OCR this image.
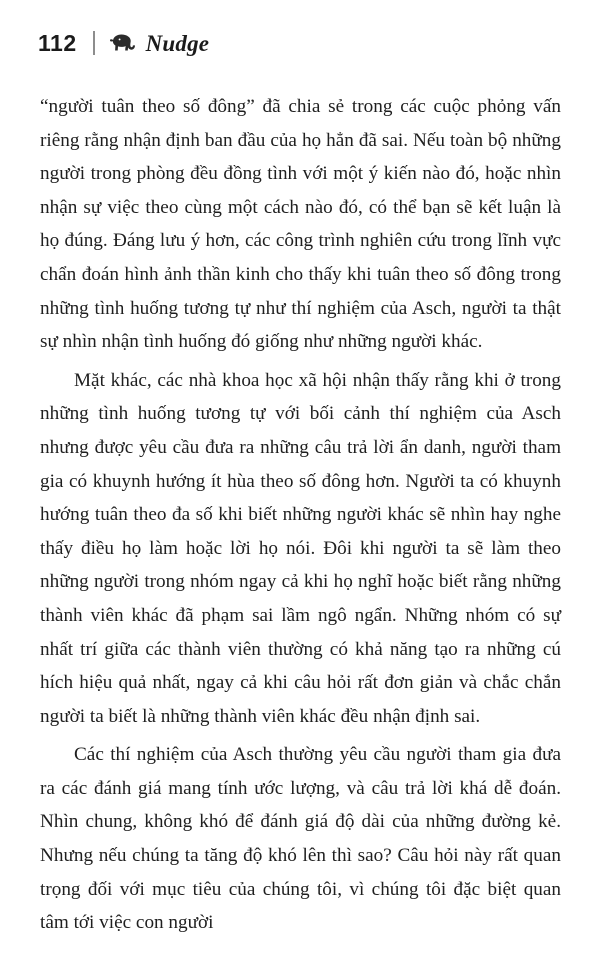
112	Nudge

“người tuân theo số đông” đã chia sẻ trong các cuộc phỏng vấn riêng rằng nhận định ban đầu của họ hẳn đã sai. Nếu toàn bộ những người trong phòng đều đồng tình với một ý kiến nào đó, hoặc nhìn nhận sự việc theo cùng một cách nào đó, có thể bạn sẽ kết luận là họ đúng. Đáng lưu ý hơn, các công trình nghiên cứu trong lĩnh vực chẩn đoán hình ảnh thần kinh cho thấy khi tuân theo số đông trong những tình huống tương tự như thí nghiệm của Asch, người ta thật sự nhìn nhận tình huống đó giống như những người khác.

Mặt khác, các nhà khoa học xã hội nhận thấy rằng khi ở trong những tình huống tương tự với bối cảnh thí nghiệm của Asch nhưng được yêu cầu đưa ra những câu trả lời ẩn danh, người tham gia có khuynh hướng ít hùa theo số đông hơn. Người ta có khuynh hướng tuân theo đa số khi biết những người khác sẽ nhìn hay nghe thấy điều họ làm hoặc lời họ nói. Đôi khi người ta sẽ làm theo những người trong nhóm ngay cả khi họ nghĩ hoặc biết rằng những thành viên khác đã phạm sai lầm ngô ngẩn. Những nhóm có sự nhất trí giữa các thành viên thường có khả năng tạo ra những cú hích hiệu quả nhất, ngay cả khi câu hỏi rất đơn giản và chắc chắn người ta biết là những thành viên khác đều nhận định sai.

Các thí nghiệm của Asch thường yêu cầu người tham gia đưa ra các đánh giá mang tính ước lượng, và câu trả lời khá dễ đoán. Nhìn chung, không khó để đánh giá độ dài của những đường kẻ. Nhưng nếu chúng ta tăng độ khó lên thì sao? Câu hỏi này rất quan trọng đối với mục tiêu của chúng tôi, vì chúng tôi đặc biệt quan tâm tới việc con người
